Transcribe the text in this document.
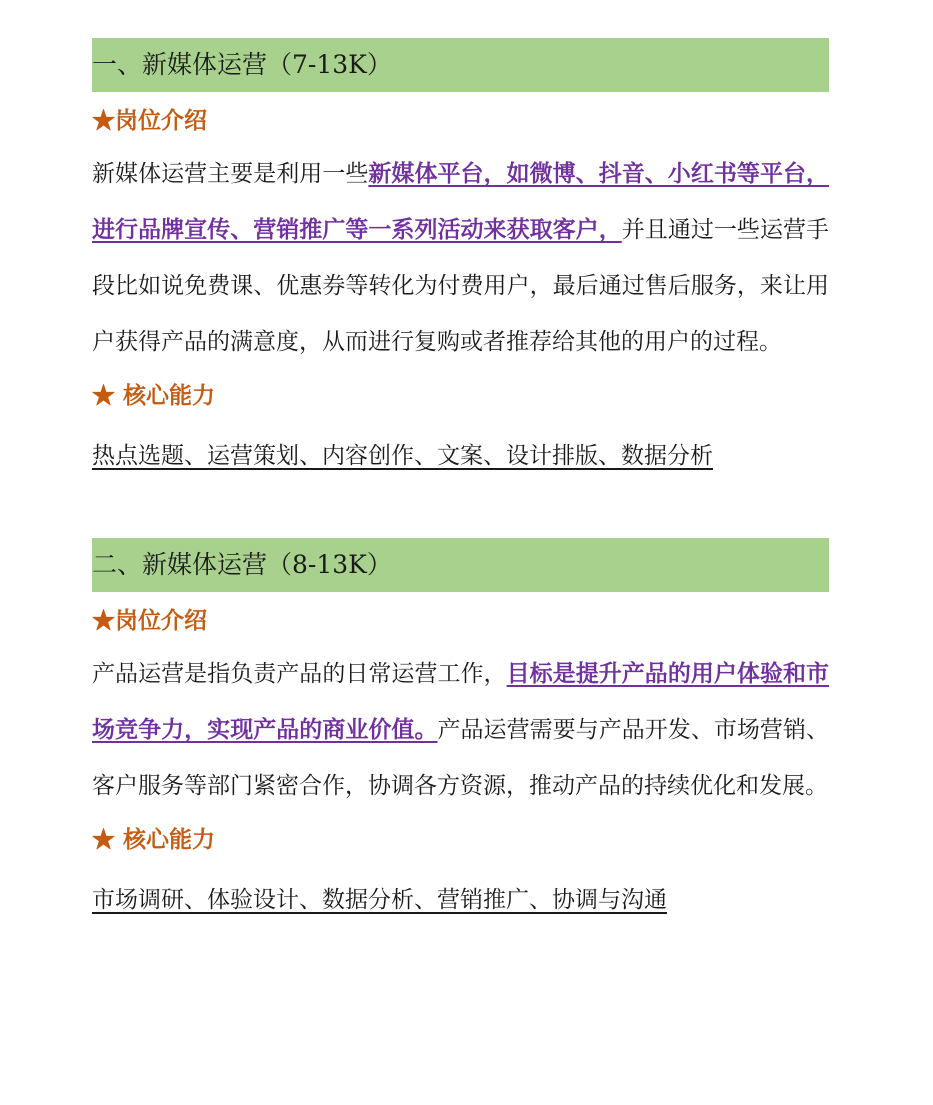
一、新媒体运营（7-13K）
★岗位介绍
新媒体运营主要是利用一些新媒体平台，如微博、抖音、小红书等平台，进行品牌宣传、营销推广等一系列活动来获取客户，并且通过一些运营手段比如说免费课、优惠券等转化为付费用户，最后通过售后服务，来让用户获得产品的满意度，从而进行复购或者推荐给其他的用户的过程。
★ 核心能力
热点选题、运营策划、内容创作、文案、设计排版、数据分析
二、新媒体运营（8-13K）
★岗位介绍
产品运营是指负责产品的日常运营工作，目标是提升产品的用户体验和市场竞争力，实现产品的商业价值。产品运营需要与产品开发、市场营销、客户服务等部门紧密合作，协调各方资源，推动产品的持续优化和发展。
★ 核心能力
市场调研、体验设计、数据分析、营销推广、协调与沟通
